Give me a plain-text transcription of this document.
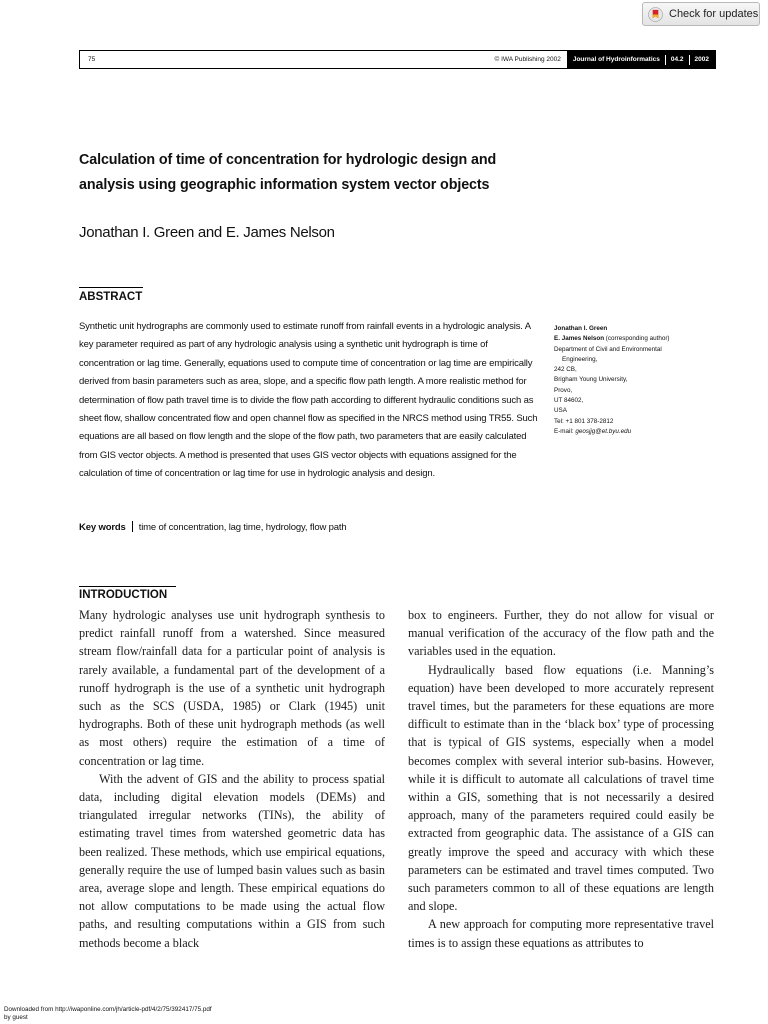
Check for updates
75	© IWA Publishing 2002	Journal of Hydroinformatics 04.2 2002
Calculation of time of concentration for hydrologic design and analysis using geographic information system vector objects
Jonathan I. Green and E. James Nelson
ABSTRACT
Synthetic unit hydrographs are commonly used to estimate runoff from rainfall events in a hydrologic analysis. A key parameter required as part of any hydrologic analysis using a synthetic unit hydrograph is time of concentration or lag time. Generally, equations used to compute time of concentration or lag time are empirically derived from basin parameters such as area, slope, and a specific flow path length. A more realistic method for determination of flow path travel time is to divide the flow path according to different hydraulic conditions such as sheet flow, shallow concentrated flow and open channel flow as specified in the NRCS method using TR55. Such equations are all based on flow length and the slope of the flow path, two parameters that are easily calculated from GIS vector objects. A method is presented that uses GIS vector objects with equations assigned for the calculation of time of concentration or lag time for use in hydrologic analysis and design.
Key words time of concentration, lag time, hydrology, flow path
Jonathan I. Green
E. James Nelson (corresponding author)
Department of Civil and Environmental
Engineering,
242 CB,
Brigham Young University,
Provo,
UT 84602,
USA
Tel: +1 801 378-2812
E-mail: geosjjg@et.byu.edu
INTRODUCTION

Many hydrologic analyses use unit hydrograph synthesis to predict rainfall runoff from a watershed. Since measured stream flow/rainfall data for a particular point of analysis is rarely available, a fundamental part of the development of a runoff hydrograph is the use of a synthetic unit hydrograph such as the SCS (USDA, 1985) or Clark (1945) unit hydrographs. Both of these unit hydrograph methods (as well as most others) require the estimation of a time of concentration or lag time.

With the advent of GIS and the ability to process spatial data, including digital elevation models (DEMs) and triangulated irregular networks (TINs), the ability of estimating travel times from watershed geometric data has been realized. These methods, which use empirical equations, generally require the use of lumped basin values such as basin area, average slope and length. These empirical equations do not allow computations to be made using the actual flow paths, and resulting computations within a GIS from such methods become a black

box to engineers. Further, they do not allow for visual or manual verification of the accuracy of the flow path and the variables used in the equation.

Hydraulically based flow equations (i.e. Manning’s equation) have been developed to more accurately represent travel times, but the parameters for these equations are more difficult to estimate than in the ‘black box’ type of processing that is typical of GIS systems, especially when a model becomes complex with several interior sub-basins. However, while it is difficult to automate all calculations of travel time within a GIS, something that is not necessarily a desired approach, many of the parameters required could easily be extracted from geographic data. The assistance of a GIS can greatly improve the speed and accuracy with which these parameters can be estimated and travel times computed. Two such parameters common to all of these equations are length and slope.

A new approach for computing more representative travel times is to assign these equations as attributes to

Downloaded from http://iwaponline.com/jh/article-pdf/4/2/75/392417/75.pdf
by guest
